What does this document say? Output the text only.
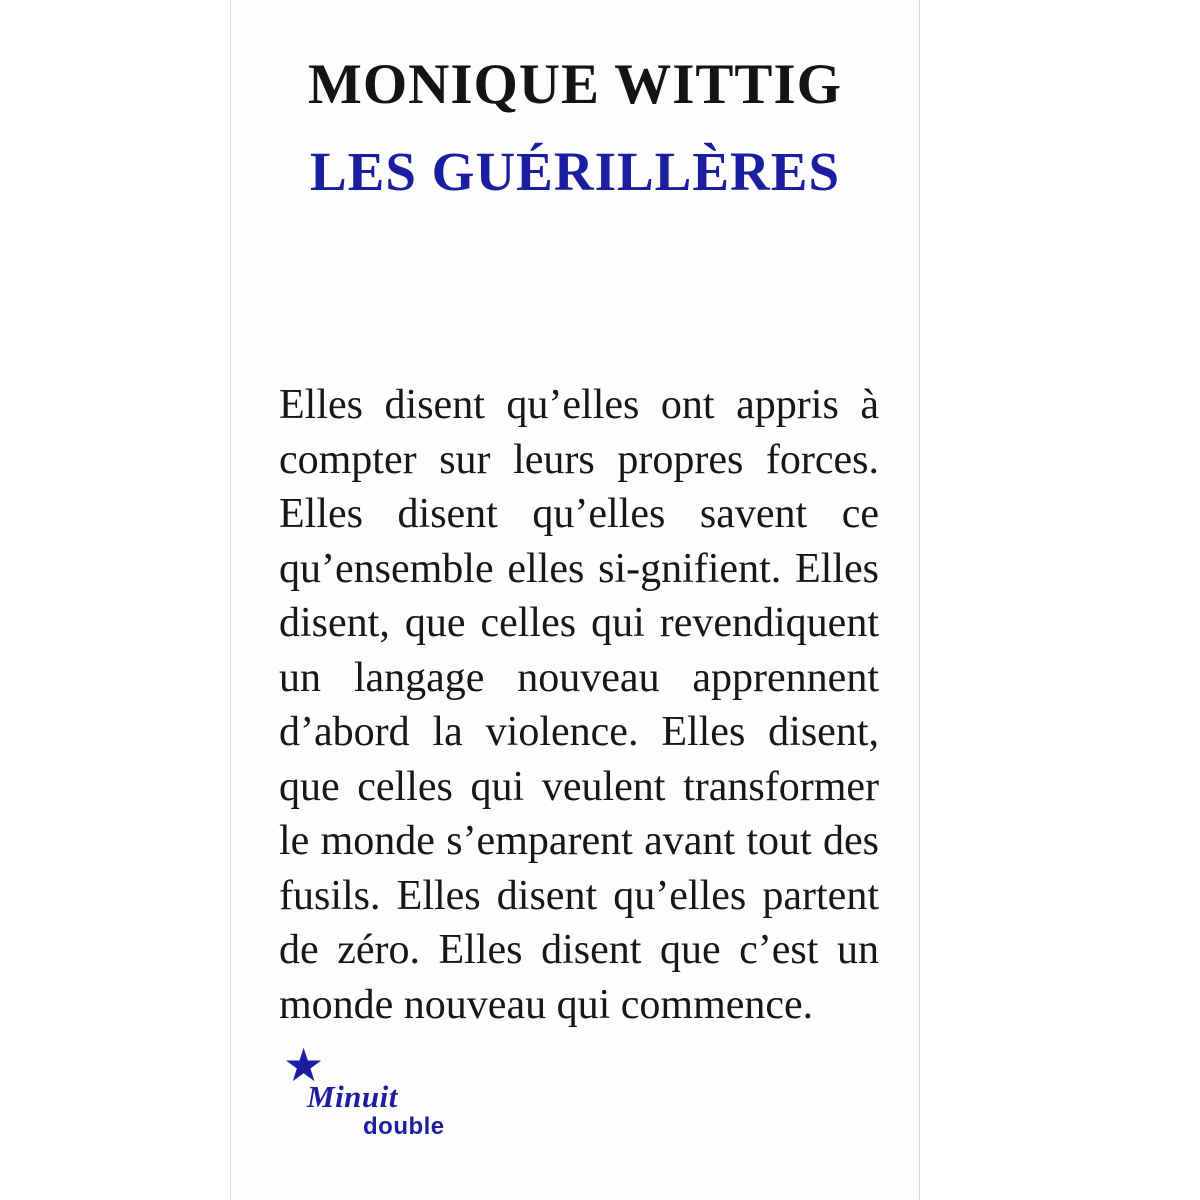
MONIQUE WITTIG
LES GUÉRILLÈRES

Elles disent qu’elles ont appris à compter sur leurs propres forces. Elles disent qu’elles savent ce qu’ensemble elles si-gnifient. Elles disent, que celles qui revendiquent un langage nouveau apprennent d’abord la violence. Elles disent, que celles qui veulent transformer le monde s’emparent avant tout des fusils. Elles disent qu’elles partent de zéro. Elles disent que c’est un monde nouveau qui commence.

★
Minuit
double
